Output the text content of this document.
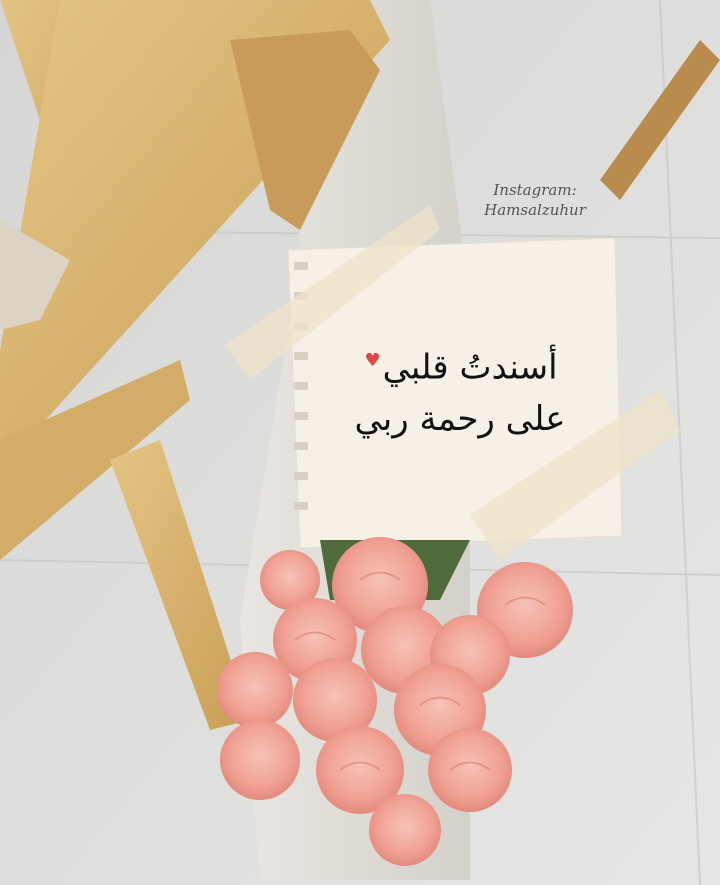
Instagram:
Hamsalzuhur
أسندتُ قلبي♥
على رحمة ربي
